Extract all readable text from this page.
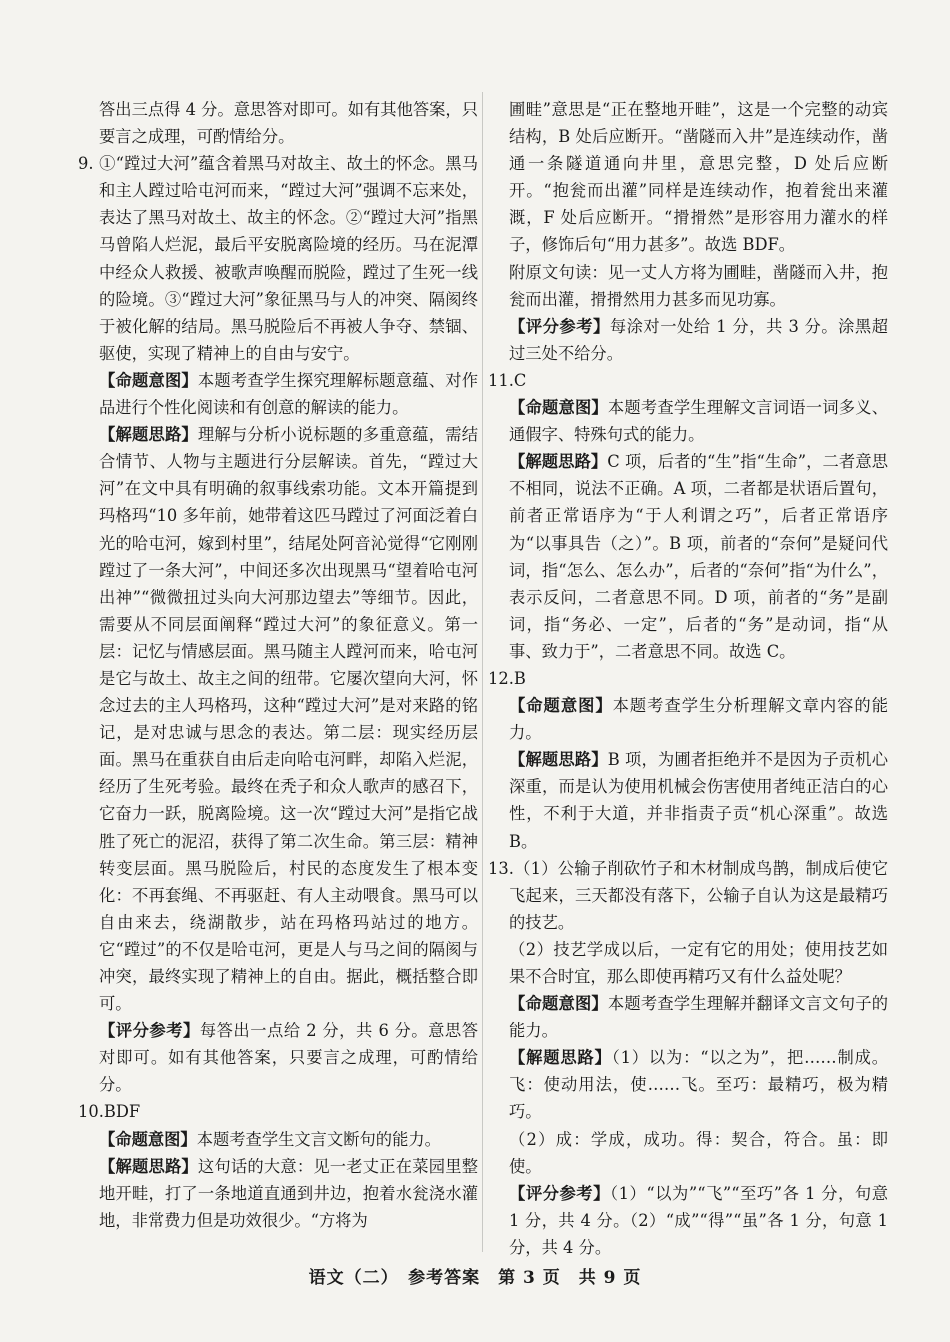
答出三点得 4 分。意思答对即可。如有其他答案，只要言之成理，可酌情给分。

9. ①“蹚过大河”蕴含着黑马对故主、故土的怀念。黑马和主人蹚过哈屯河而来，“蹚过大河”强调不忘来处，表达了黑马对故土、故主的怀念。②“蹚过大河”指黑马曾陷人烂泥，最后平安脱离险境的经历。马在泥潭中经众人救援、被歌声唤醒而脱险，蹚过了生死一线的险境。③“蹚过大河”象征黑马与人的冲突、隔阂终于被化解的结局。黑马脱险后不再被人争夺、禁锢、驱使，实现了精神上的自由与安宁。

【命题意图】本题考查学生探究理解标题意蕴、对作品进行个性化阅读和有创意的解读的能力。

【解题思路】理解与分析小说标题的多重意蕴，需结合情节、人物与主题进行分层解读。首先，“蹚过大河”在文中具有明确的叙事线索功能。文本开篇提到玛格玛“10 多年前，她带着这匹马蹚过了河面泛着白光的哈屯河，嫁到村里”，结尾处阿音沁觉得“它刚刚蹚过了一条大河”，中间还多次出现黑马“望着哈屯河出神”“微微扭过头向大河那边望去”等细节。因此，需要从不同层面阐释“蹚过大河”的象征意义。第一层：记忆与情感层面。黑马随主人蹚河而来，哈屯河是它与故土、故主之间的纽带。它屡次望向大河，怀念过去的主人玛格玛，这种“蹚过大河”是对来路的铭记，是对忠诚与思念的表达。第二层：现实经历层面。黑马在重获自由后走向哈屯河畔，却陷入烂泥，经历了生死考验。最终在秃子和众人歌声的感召下，它奋力一跃，脱离险境。这一次“蹚过大河”是指它战胜了死亡的泥沼，获得了第二次生命。第三层：精神转变层面。黑马脱险后，村民的态度发生了根本变化：不再套绳、不再驱赶、有人主动喂食。黑马可以自由来去，绕湖散步，站在玛格玛站过的地方。它“蹚过”的不仅是哈屯河，更是人与马之间的隔阂与冲突，最终实现了精神上的自由。据此，概括整合即可。

【评分参考】每答出一点给 2 分，共 6 分。意思答对即可。如有其他答案，只要言之成理，可酌情给分。

10.BDF

【命题意图】本题考查学生文言文断句的能力。

【解题思路】这句话的大意：见一老丈正在菜园里整地开畦，打了一条地道直通到井边，抱着水瓮浇水灌地，非常费力但是功效很少。“方将为

圃畦”意思是“正在整地开畦”，这是一个完整的动宾结构，B 处后应断开。“凿隧而入井”是连续动作，凿通一条隧道通向井里，意思完整，D 处后应断开。“抱瓮而出灌”同样是连续动作，抱着瓮出来灌溉，F 处后应断开。“搰搰然”是形容用力灌水的样子，修饰后句“用力甚多”。故选 BDF。

附原文句读：见一丈人方将为圃畦，凿隧而入井，抱瓮而出灌，搰搰然用力甚多而见功寡。

【评分参考】每涂对一处给 1 分，共 3 分。涂黑超过三处不给分。

11.C

【命题意图】本题考查学生理解文言词语一词多义、通假字、特殊句式的能力。

【解题思路】C 项，后者的“生”指“生命”，二者意思不相同，说法不正确。A 项，二者都是状语后置句，前者正常语序为“于人利谓之巧”，后者正常语序为“以事具告（之）”。B 项，前者的“奈何”是疑问代词，指“怎么、怎么办”，后者的“奈何”指“为什么”，表示反问，二者意思不同。D 项，前者的“务”是副词，指“务必、一定”，后者的“务”是动词，指“从事、致力于”，二者意思不同。故选 C。

12.B

【命题意图】本题考查学生分析理解文章内容的能力。

【解题思路】B 项，为圃者拒绝并不是因为子贡机心深重，而是认为使用机械会伤害使用者纯正洁白的心性，不利于大道，并非指责子贡“机心深重”。故选 B。

13.（1）公输子削砍竹子和木材制成鸟鹊，制成后使它飞起来，三天都没有落下，公输子自认为这是最精巧的技艺。

（2）技艺学成以后，一定有它的用处；使用技艺如果不合时宜，那么即使再精巧又有什么益处呢？

【命题意图】本题考查学生理解并翻译文言文句子的能力。

【解题思路】（1）以为：“以之为”，把……制成。飞：使动用法，使……飞。至巧：最精巧，极为精巧。

（2）成：学成，成功。得：契合，符合。虽：即使。

【评分参考】（1）“以为”“飞”“至巧”各 1 分，句意 1 分，共 4 分。（2）“成”“得”“虽”各 1 分，句意 1 分，共 4 分。

语文（二）　参考答案　第 3 页　共 9 页
